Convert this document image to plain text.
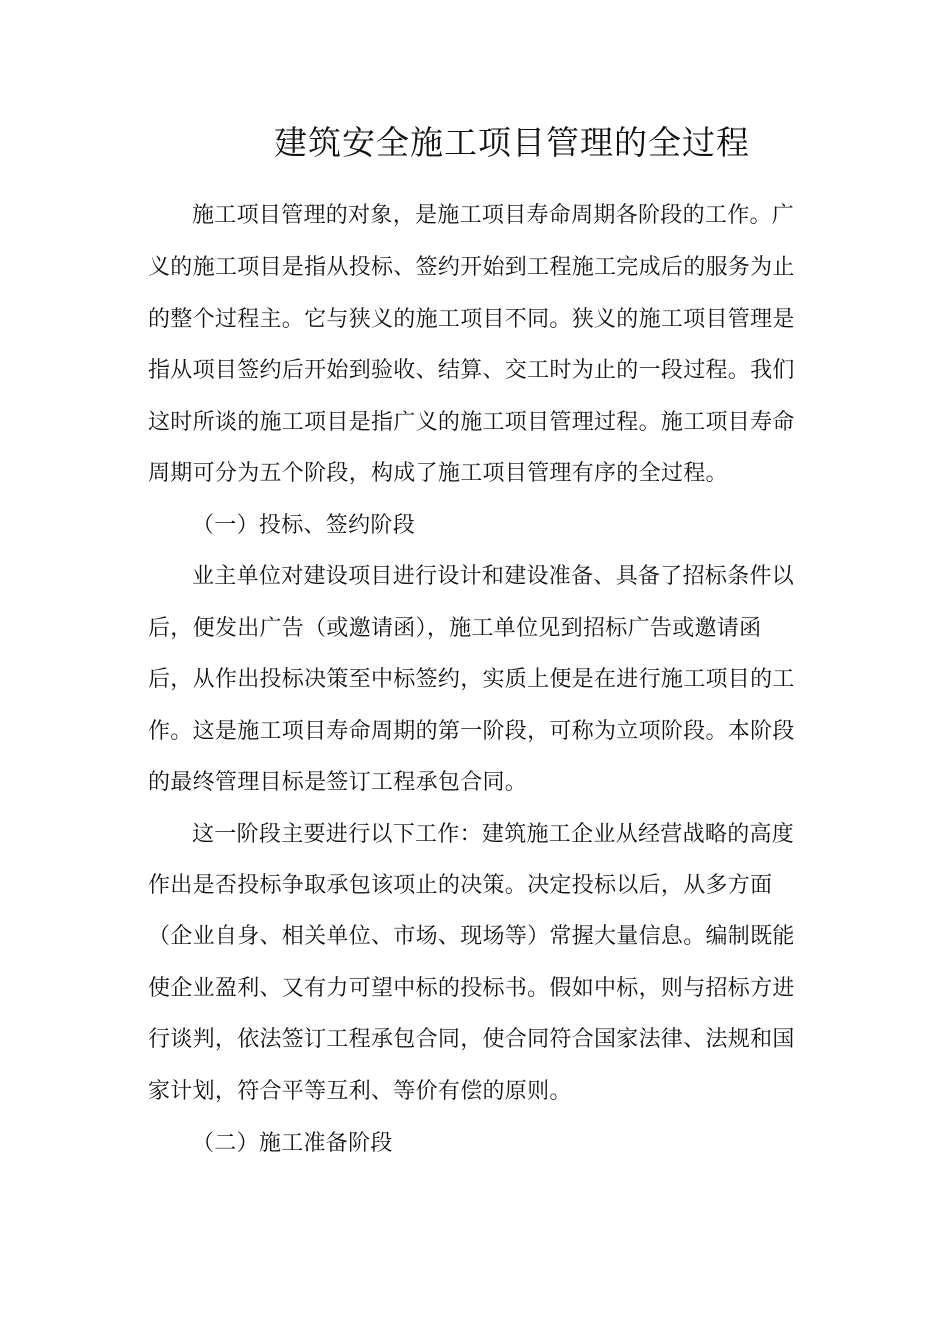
建筑安全施工项目管理的全过程
施工项目管理的对象，是施工项目寿命周期各阶段的工作。广
义的施工项目是指从投标、签约开始到工程施工完成后的服务为止
的整个过程主。它与狭义的施工项目不同。狭义的施工项目管理是
指从项目签约后开始到验收、结算、交工时为止的一段过程。我们
这时所谈的施工项目是指广义的施工项目管理过程。施工项目寿命
周期可分为五个阶段，构成了施工项目管理有序的全过程。
（一）投标、签约阶段
业主单位对建设项目进行设计和建设准备、具备了招标条件以
后，便发出广告（或邀请函），施工单位见到招标广告或邀请函
后，从作出投标决策至中标签约，实质上便是在进行施工项目的工
作。这是施工项目寿命周期的第一阶段，可称为立项阶段。本阶段
的最终管理目标是签订工程承包合同。
这一阶段主要进行以下工作：建筑施工企业从经营战略的高度
作出是否投标争取承包该项止的决策。决定投标以后，从多方面
（企业自身、相关单位、市场、现场等）常握大量信息。编制既能
使企业盈利、又有力可望中标的投标书。假如中标，则与招标方进
行谈判，依法签订工程承包合同，使合同符合国家法律、法规和国
家计划，符合平等互利、等价有偿的原则。
（二）施工准备阶段
